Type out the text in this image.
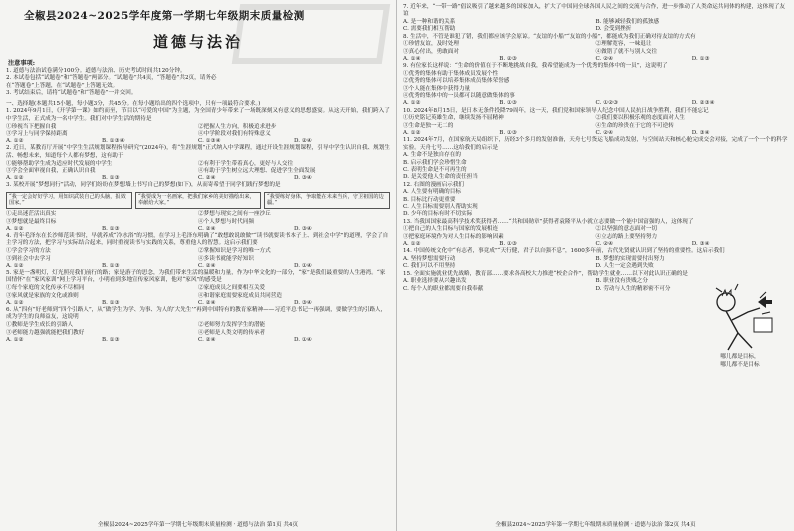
全椒县2024~2025学年度第一学期七年级期末质量检测
道德与法治
注意事项:

1. 道德与法治试卷满分100分。道德与法治、历史考试时间共120分钟。

2. 本试卷包括“试题卷”和“答题卷”两部分。“试题卷”共4页，“答题卷”共2页，请务必

在“答题卷”上答题，在“试题卷”上答题无效。

3. 考试结束后，请将“试题卷”和“答题卷”一并交回。

一、选择题(本题共15小题，每小题3分，共45分。在每小题给出的四个选项中，只有一项最符合要求。)

1. 2024年9月1日，《开学第一课》如约而至，节目以“可爱的中国”为主题，为全国青少年带来了一场既深刻又有意义的思想盛宴。从这天开始，我们跨入了中学生活，正式成为一名中学生。我们对中学生活的期待是

①珍视当下把握自我	②把握人生方向，积极追求进步
③学习上与同学保持距离	④中学阶段对我们有特殊意义
A. ①②	B. ①③④	C. ①③④	D. ②④

2. 近日，某教育厅开展“中学生生活规划课程指导研究”(2024年)，将“生涯规划”正式纳入中学课程，通过开设生涯规划课程，引导中学生认识自我、规划生活、畅想未来，知道每个人都有梦想，这有助于

①能够帮助学生成为适应时代发展的中学生	②有利于学生带着真心，更好与人交往
③学会全面审视自我，正确认识自我	④有助于学生树立远大理想、促进学生全面发展
A. ①②	B. ①③	C. ②④	D. ③④

3. 某校开展“梦想同行”活动，同学们纷纷在梦想墙上书写自己的梦想(如下)，从而寄希望于同学们践行梦想的是

“我一定会好好学习，用知识武装自己的头脑，报效国家。”
“我要成为一名画家，把我们家乡的美好描绘出来，奉献给大家。”
“我要练好身体，争取能在未来当兵，守卫祖国的边疆。”
①走出迷茫活出真实	②梦想与现实之间有一座沙丘
③梦想就是最终目标	④个人梦想与时代同频
A. ①②	B. ①③	C. ②④	D. ③④

4. 青年毛泽东在长沙师范读书时，早就养成“冷水浴”的习惯，在学习上毛泽东明确了“敢想敢说敢做”“读书就要读书本子上、到社会中学”的道理，学会了自主学习的方法，把学习与实际结合起来，同时重视读书与实践的关系，尊重他人的智慧。这启示我们要

①学会学习的方法	②掌握知识是学习的唯一方式
③到社会中去学习	④多读书就能学好知识
A. ①②	B. ①③	C. ②④	D. ①④

5. 家是一盏明灯，灯光照亮我们前行的路；家是游子的思念，为我们带来生活的温暖和力量，作为中华文化的一部分，“家”是我们最重要的人生港湾。“家国情怀”在“家风家训”网上学习平台，小明看到多地宣传家风家训，他对“家风”的感受是

①每个家庭的文化传承不尽相同	②家庭成员之间要相互关爱
③家风就是家族的文化或准则	④和谐家庭需要家庭成员共同营造
A. ①②	B. ①③	C. ②④	D. ③④

6. 从“四有”好老师到“四个引路人”，从“做学生为学、为事、为人的‘大先生’”再到中国特有的教育家精神——习近平总书记一再强调，要做学生的引路人，成为学生的良师益友，这说明

①教师是学生成长的引路人	②老师努力发挥学生的潜能
③老师能力越强就能把我们教好	④老师是人类文明的传承者
A. ①②	B. ①③	C. ②④	D. ①④
全椒县2024~2025学年第一学期七年级期末质量检测 · 道德与法治 第1页 共4页

7. 近年来，“一带一路”倡议吸引了越来越多的国家加入，扩大了中国同全球各国人民之间的交流与合作，进一步推动了人类命运共同体的构建，这体现了友谊

A. 是一种和谐的关系	B. 能够减轻我们的孤独感
C. 需要我们相互帮助	D. 会受到挫折

8. 生活中，不管是谁犯了错，我们都应该学会原谅。“友谊的小船”“友谊的小船”，都能成为我们正确对待友谊的方式有

①珍惜友谊，及时处理	②理解宽容，一味退让
③真心付出，勇敢面对	④做错了就不与别人交往
A. ①④	B. ②③	C. ②④	D. ①③

9. 有位家长这样说：“生命的价值在于不断地挑战自我，我希望能成为一个优秀的集体中的一员”，这说明了

①优秀的集体有助于集体成员发展个性
②优秀的集体可以培养集体成员集体荣誉感
③个人能在集体中获得力量
④优秀的集体中的一员都可以随意做集体的事
A. ①②	B. ①③	C. ①②③	D. ②③④

10. 2024年8月15日，是日本无条件投降79周年，这一天，我们党和国家领导人纪念中国人民抗日战争胜利，我们不能忘记

①历史铭记英雄生命，继续发扬不屈精神	②我们要以积极乐观的态度面对人生
③生命是独一无二的	④生命的珍贵在于它的不可逆转
A. ①②	B. ①③	C. ②④	D. ③④

11. 2024年7月，在国家航天局组织下，历经3个多月的发射准备，天舟七号货运飞船成功发射，与空间站天和核心舱完成交会对接，完成了一个一个的科学实验。天舟七号……这给我们的启示是

A. 生命不是独自存在的
B. 启示我们学会珍惜生命
C. 表明生命是不可再生的
D. 是关爱他人生命的责任担当

12. 右图的漫画启示我们

A. 人生要有明确的目标
B. 目标比行动更重要
C. 人生目标需要别人帮助实现
D. 少年的目标有时不切实际
哪儿都是目标，
哪儿都不是目标

13. 当我国国家最高科学技术奖获得者……“共和国勋章”获得者袁隆平从小就立志要做一个能中国富强的人，这体现了

①把自己的人生目标与国家的发展相连	②以坚强的意志面对一切
③把家庭环境作为对人生目标的影响因素	④立志的路上要坚持努力
A. ①②	B. ①③	C. ②④	D. ③④

14. 中国传统文化中“有志者，事竟成”“天行健，君子以自强不息”，1600多年前，古代先贤就认识到了坚持的重要性。这启示我们

A. 坚持梦想需要行动	B. 梦想的实现需要付出努力
C. 我们可以不用坚持	D. 人生一定会遇到失败

15. 全面实施就业优先战略，教育部……要求各高校大力推进“校企合作”，帮助学生就业……以下对此认识正确的是

A. 职业选择要从兴趣出发	B. 职业没有贵贱之分
C. 每个人的职业都需要自我奉献	D. 劳动与人生的精彩密不可分
全椒县2024~2025学年第一学期七年级期末质量检测 · 道德与法治 第2页 共4页
